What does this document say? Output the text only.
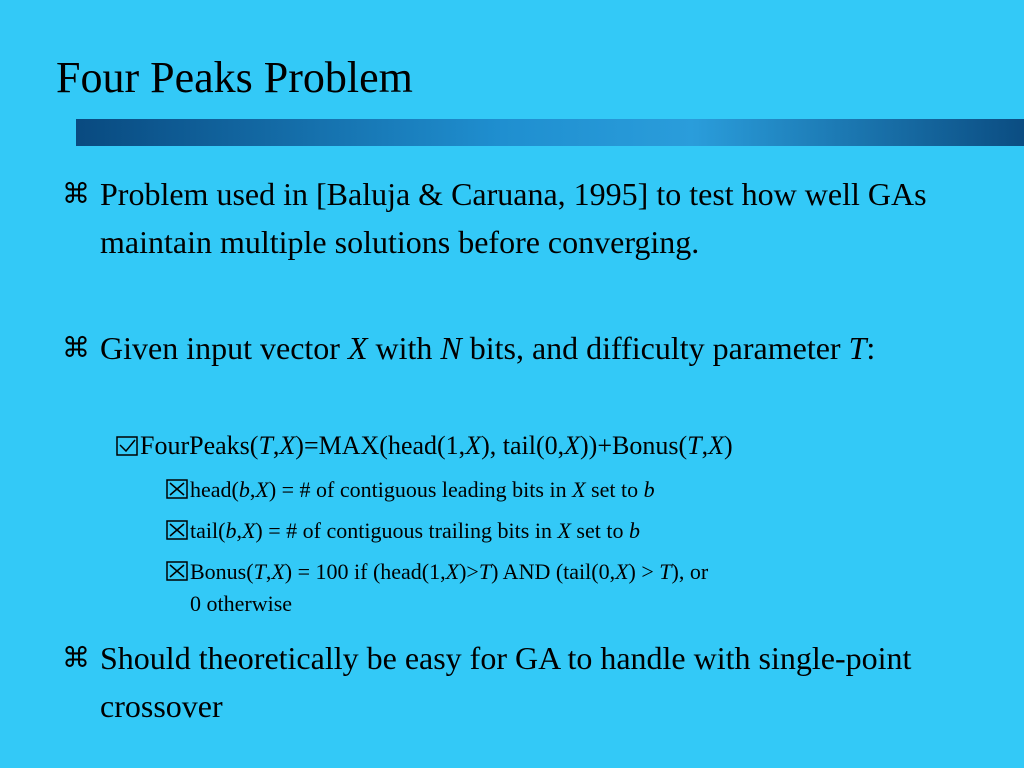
Four Peaks Problem
⌘ Problem used in [Baluja & Caruana, 1995] to test how well GAs maintain multiple solutions before converging.
⌘ Given input vector X with N bits, and difficulty parameter T:
FourPeaks(T,X)=MAX(head(1,X), tail(0,X))+Bonus(T,X)
head(b,X) = # of contiguous leading bits in X set to b
tail(b,X) = # of contiguous trailing bits in X set to b
Bonus(T,X) = 100 if (head(1,X)>T) AND (tail(0,X) > T), or
0 otherwise
⌘ Should theoretically be easy for GA to handle with single-point crossover
